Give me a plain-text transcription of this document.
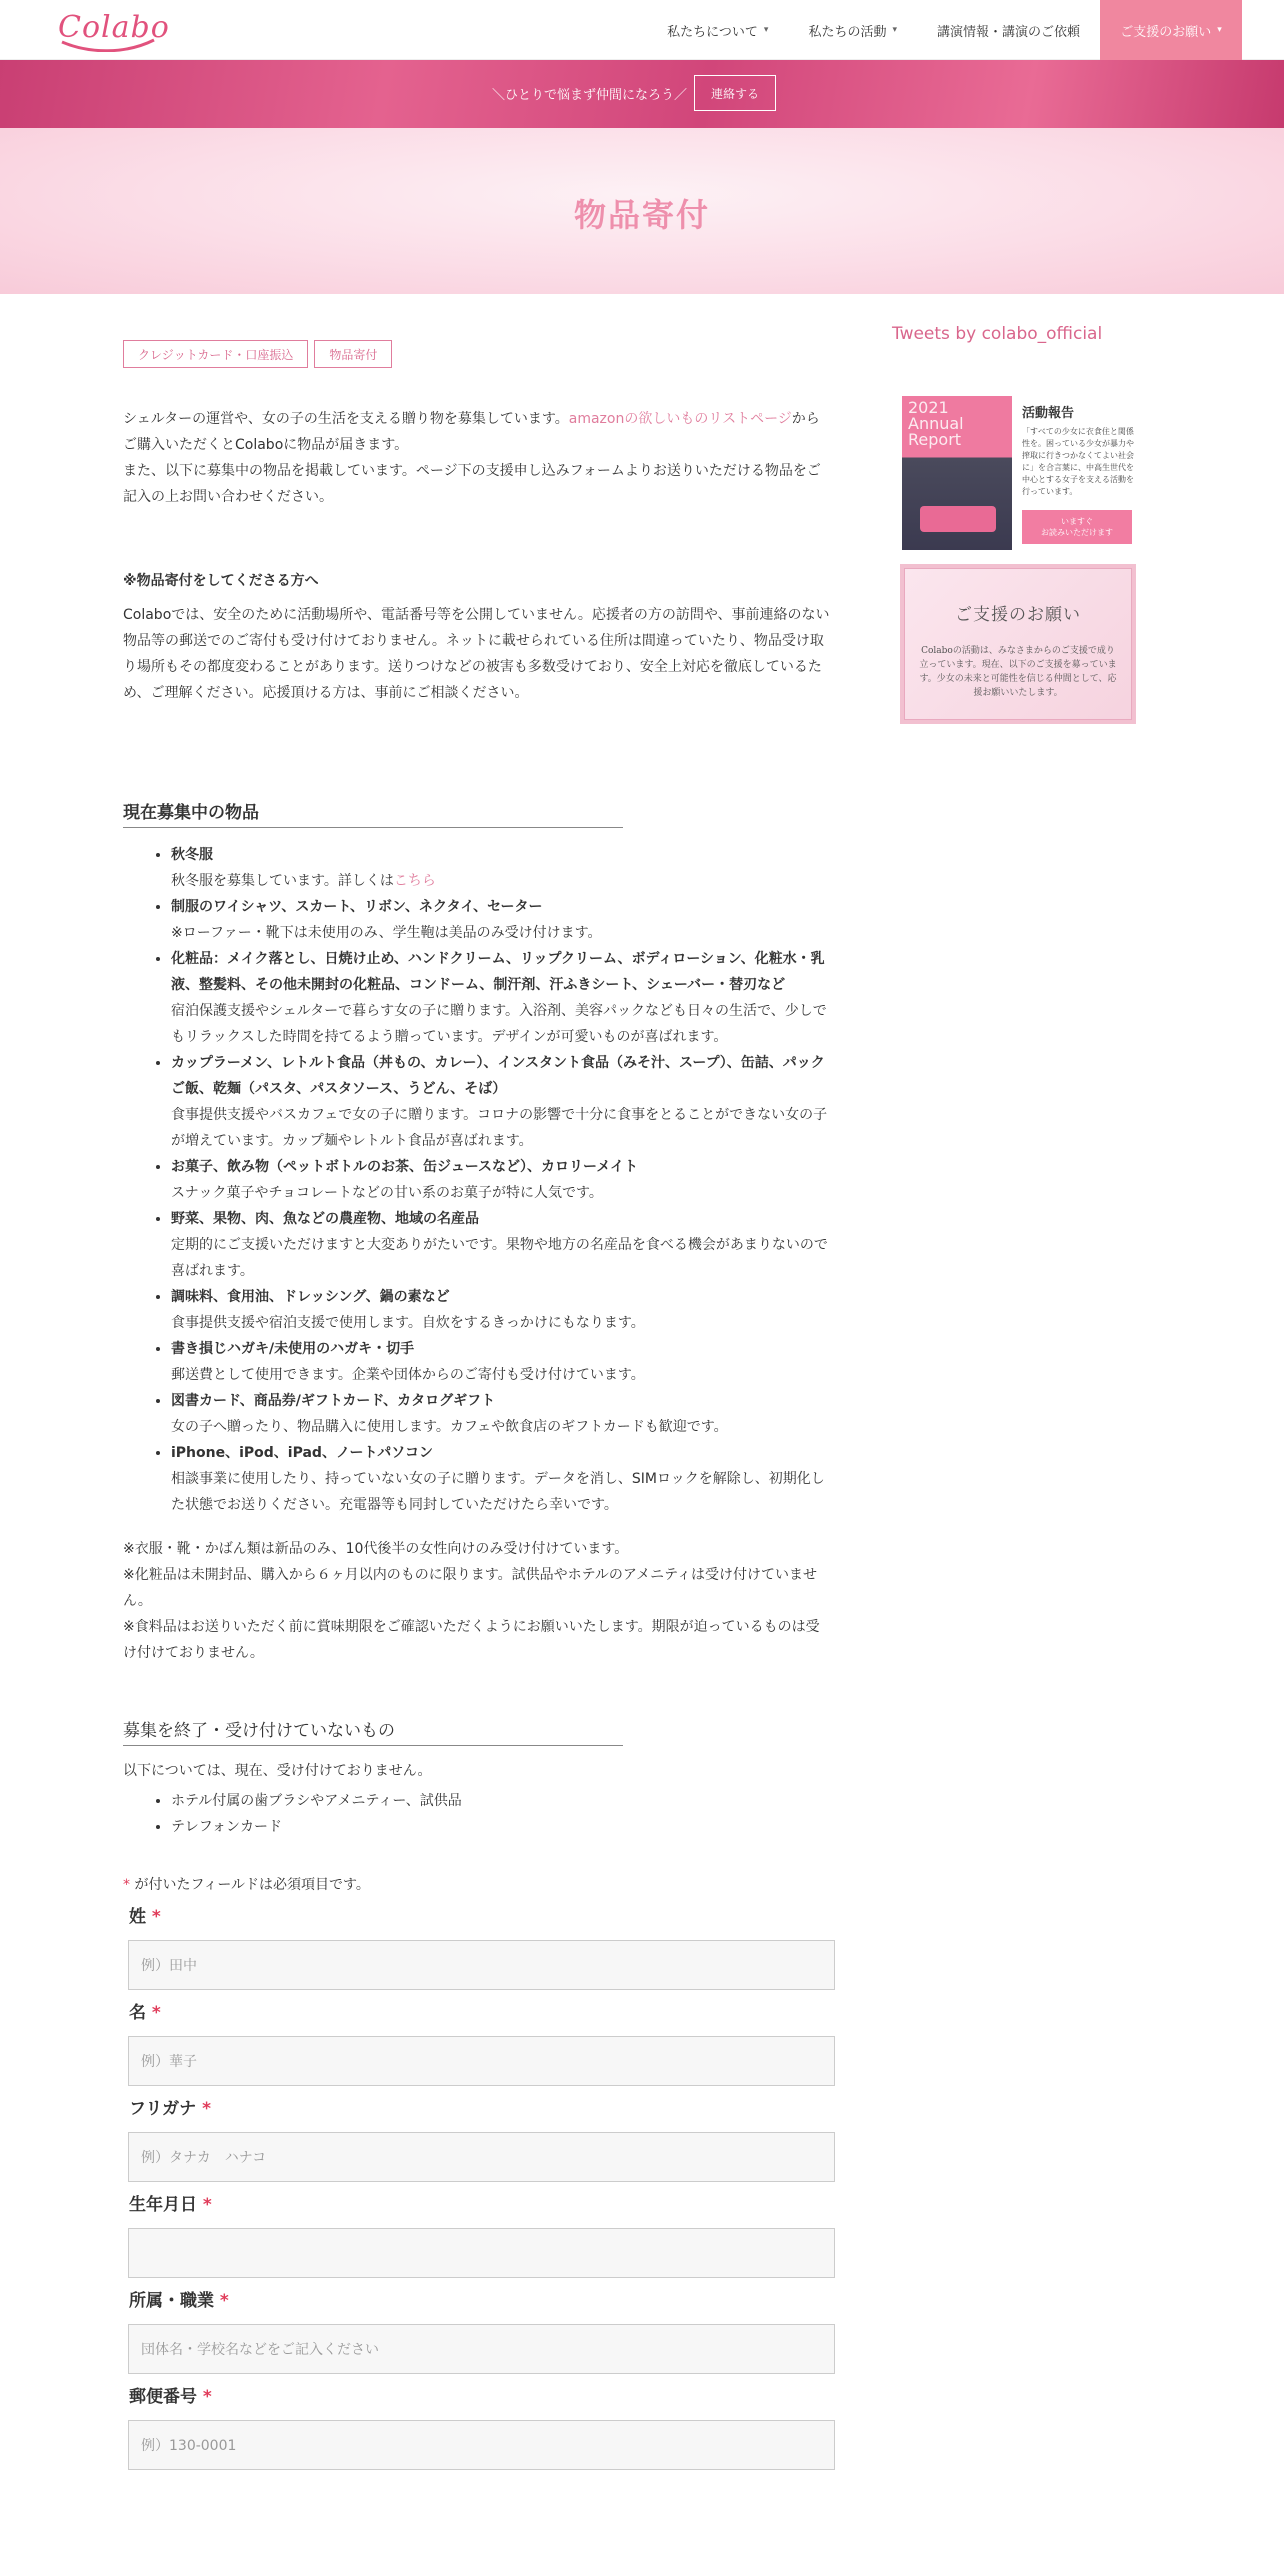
Colabo	私たちについて ▾	私たちの活動 ▾	講演情報・講演のご依頼	ご支援のお願い ▾
＼ひとりで悩まず仲間になろう／	連絡する
物品寄付
クレジットカード・口座振込	物品寄付
シェルターの運営や、女の子の生活を支える贈り物を募集しています。amazonの欲しいものリストページからご購入いただくとColaboに物品が届きます。
また、以下に募集中の物品を掲載しています。ページ下の支援申し込みフォームよりお送りいただける物品をご記入の上お問い合わせください。
※物品寄付をしてくださる方へ
Colaboでは、安全のために活動場所や、電話番号等を公開していません。応援者の方の訪問や、事前連絡のない物品等の郵送でのご寄付も受け付けておりません。ネットに載せられている住所は間違っていたり、物品受け取り場所もその都度変わることがあります。送りつけなどの被害も多数受けており、安全上対応を徹底しているため、ご理解ください。応援頂ける方は、事前にご相談ください。
現在募集中の物品
• 秋冬服
秋冬服を募集しています。詳しくはこちら
• 制服のワイシャツ、スカート、リボン、ネクタイ、セーター
※ローファー・靴下は未使用のみ、学生鞄は美品のみ受け付けます。
• 化粧品：メイク落とし、日焼け止め、ハンドクリーム、リップクリーム、ボディローション、化粧水・乳液、整髪料、その他未開封の化粧品、コンドーム、制汗剤、汗ふきシート、シェーバー・替刃など
宿泊保護支援やシェルターで暮らす女の子に贈ります。入浴剤、美容パックなども日々の生活で、少しでもリラックスした時間を持てるよう贈っています。デザインが可愛いものが喜ばれます。
• カップラーメン、レトルト食品（丼もの、カレー）、インスタント食品（みそ汁、スープ）、缶詰、パックご飯、乾麺（パスタ、パスタソース、うどん、そば）
食事提供支援やバスカフェで女の子に贈ります。コロナの影響で十分に食事をとることができない女の子が増えています。カップ麺やレトルト食品が喜ばれます。
• お菓子、飲み物（ペットボトルのお茶、缶ジュースなど）、カロリーメイト
スナック菓子やチョコレートなどの甘い系のお菓子が特に人気です。
• 野菜、果物、肉、魚などの農産物、地域の名産品
定期的にご支援いただけますと大変ありがたいです。果物や地方の名産品を食べる機会があまりないので喜ばれます。
• 調味料、食用油、ドレッシング、鍋の素など
食事提供支援や宿泊支援で使用します。自炊をするきっかけにもなります。
• 書き損じハガキ/未使用のハガキ・切手
郵送費として使用できます。企業や団体からのご寄付も受け付けています。
• 図書カード、商品券/ギフトカード、カタログギフト
女の子へ贈ったり、物品購入に使用します。カフェや飲食店のギフトカードも歓迎です。
• iPhone、iPod、iPad、ノートパソコン
相談事業に使用したり、持っていない女の子に贈ります。データを消し、SIMロックを解除し、初期化した状態でお送りください。充電器等も同封していただけたら幸いです。
※衣服・靴・かばん類は新品のみ、10代後半の女性向けのみ受け付けています。
※化粧品は未開封品、購入から６ヶ月以内のものに限ります。試供品やホテルのアメニティは受け付けていません。
※食料品はお送りいただく前に賞味期限をご確認いただくようにお願いいたします。期限が迫っているものは受け付けておりません。
募集を終了・受け付けていないもの
以下については、現在、受け付けておりません。
• ホテル付属の歯ブラシやアメニティー、試供品
• テレフォンカード
* が付いたフィールドは必須項目です。
姓 *
例）田中
名 *
例）華子
フリガナ *
例）タナカ　ハナコ
生年月日 *
所属・職業 *
団体名・学校名などをご記入ください
郵便番号 *
例）130-0001
Tweets by colabo_official
2021
Annual Report
活動報告
「すべての少女に衣食住と関係性を。困っている少女が暴力や搾取に行きつかなくてよい社会に」を合言葉に、中高生世代を中心とする女子を支える活動を行っています。
いますぐ
お読みいただけます
ご支援のお願い
Colaboの活動は、みなさまからのご支援で成り立っています。現在、以下のご支援を募っています。少女の未来と可能性を信じる仲間として、応援お願いいたします。
